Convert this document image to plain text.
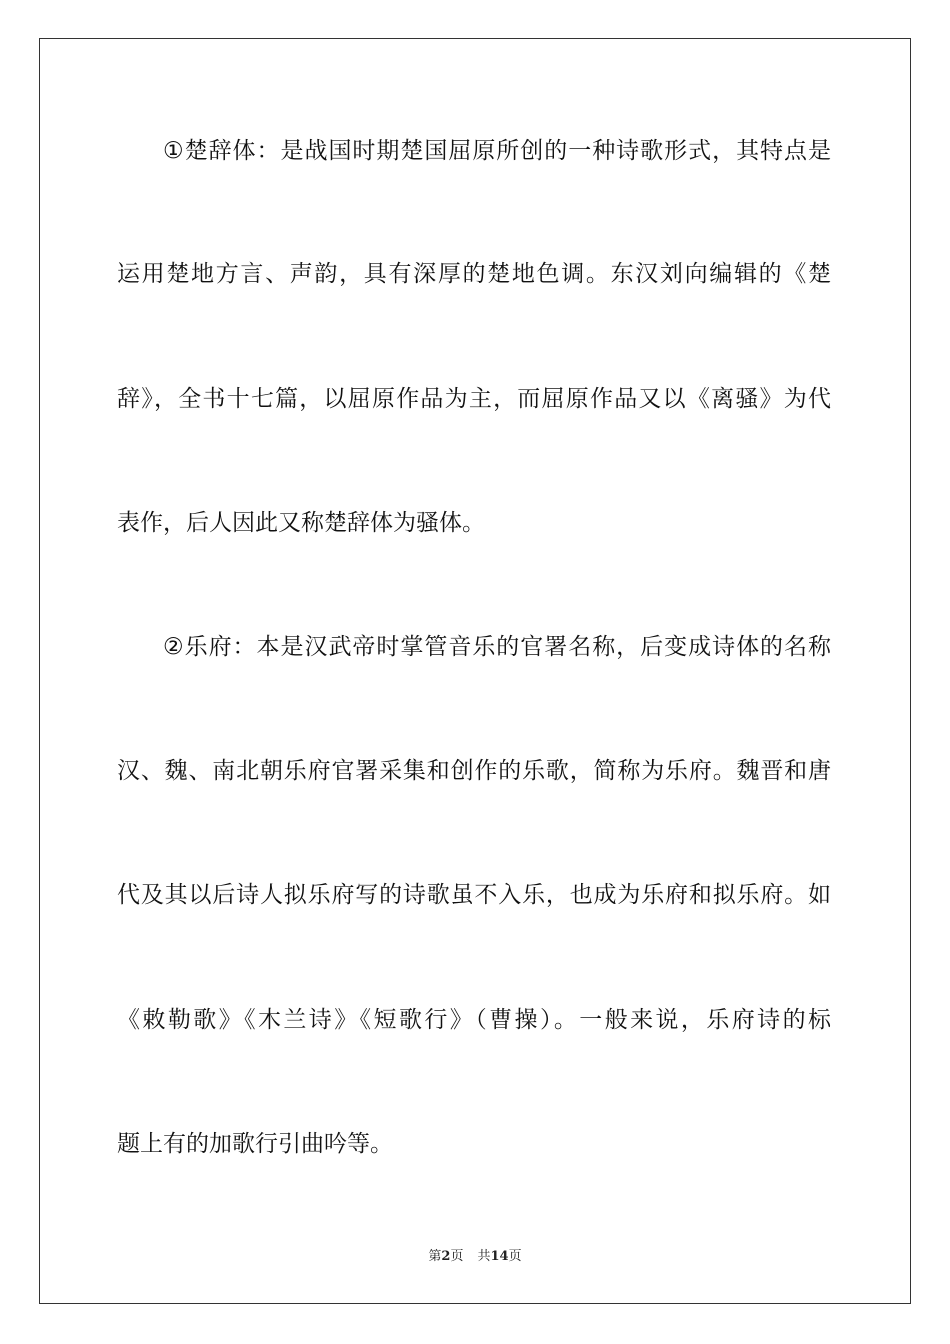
①楚辞体：是战国时期楚国屈原所创的一种诗歌形式，其特点是
运用楚地方言、声韵，具有深厚的楚地色调。东汉刘向编辑的《楚
辞》，全书十七篇，以屈原作品为主，而屈原作品又以《离骚》为代
表作，后人因此又称楚辞体为骚体。
②乐府：本是汉武帝时掌管音乐的官署名称，后变成诗体的名称
汉、魏、南北朝乐府官署采集和创作的乐歌，简称为乐府。魏晋和唐
代及其以后诗人拟乐府写的诗歌虽不入乐，也成为乐府和拟乐府。如
《敕勒歌》《木兰诗》《短歌行》（曹操）。一般来说，乐府诗的标
题上有的加歌行引曲吟等。
第2页 共14页
